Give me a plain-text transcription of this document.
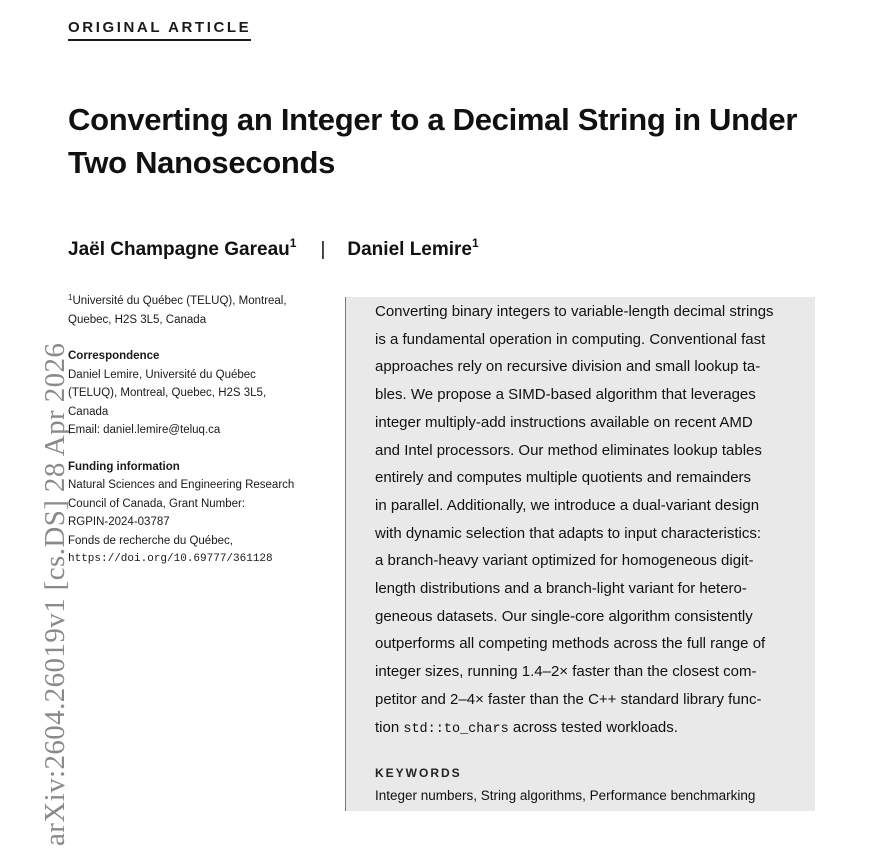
ORIGINAL ARTICLE
Converting an Integer to a Decimal String in Under
Two Nanoseconds
Jaël Champagne Gareau$^1$ | Daniel Lemire$^1$
arXiv:2604.26019v1 [cs.DS] 28 Apr 2026
$^1$Université du Québec (TELUQ), Montreal,
Quebec, H2S 3L5, Canada
Correspondence
Daniel Lemire, Université du Québec
(TELUQ), Montreal, Quebec, H2S 3L5,
Canada
Email: daniel.lemire@teluq.ca
Funding information
Natural Sciences and Engineering Research
Council of Canada, Grant Number:
RGPIN-2024-03787
Fonds de recherche du Québec,
https://doi.org/10.69777/361128
Converting binary integers to variable-length decimal strings
is a fundamental operation in computing. Conventional fast
approaches rely on recursive division and small lookup ta-
bles. We propose a SIMD-based algorithm that leverages
integer multiply-add instructions available on recent AMD
and Intel processors. Our method eliminates lookup tables
entirely and computes multiple quotients and remainders
in parallel. Additionally, we introduce a dual-variant design
with dynamic selection that adapts to input characteristics:
a branch-heavy variant optimized for homogeneous digit-
length distributions and a branch-light variant for hetero-
geneous datasets. Our single-core algorithm consistently
outperforms all competing methods across the full range of
integer sizes, running 1.4–2× faster than the closest com-
petitor and 2–4× faster than the C++ standard library func-
tion std::to_chars across tested workloads.
KEYWORDS
Integer numbers, String algorithms, Performance benchmarking
